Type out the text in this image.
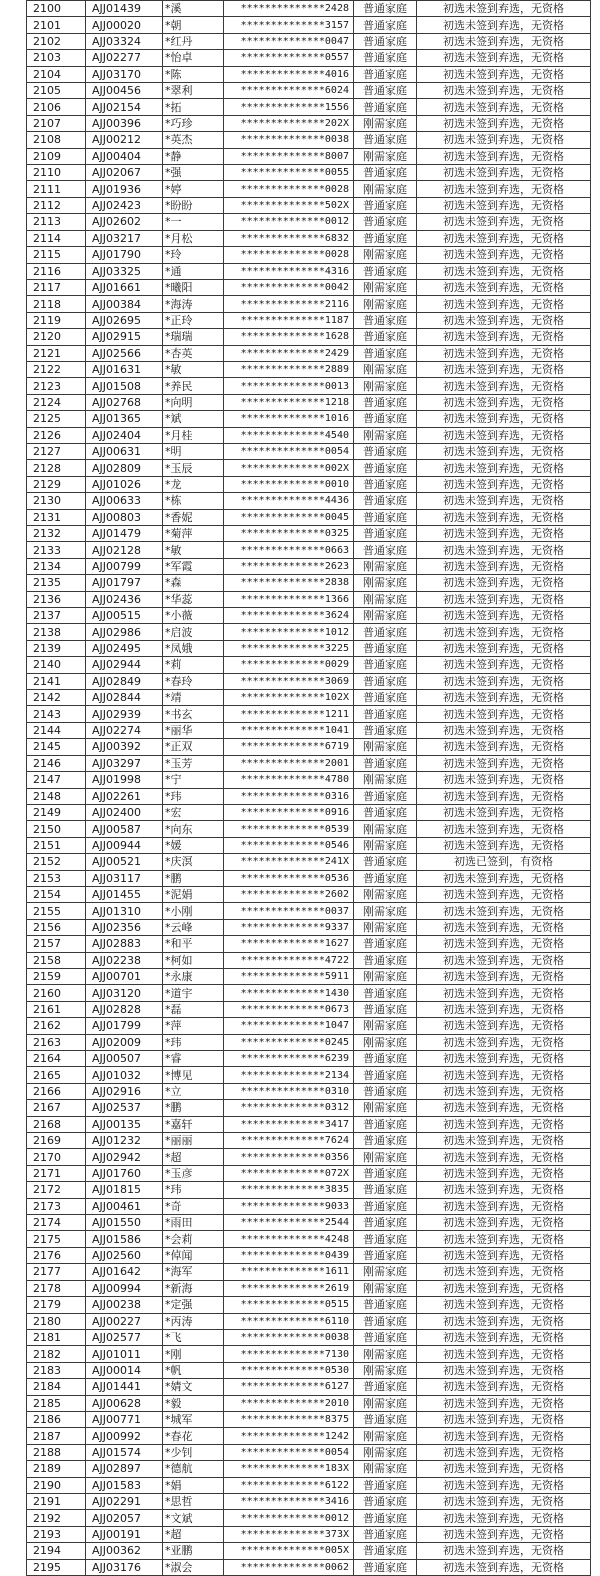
2100	AJJ01439	*溪	**************2428	普通家庭	初选未签到弃选，无资格
2101	AJJ00020	*朝	**************3157	普通家庭	初选未签到弃选，无资格
2102	AJJ03324	*红丹	**************0047	普通家庭	初选未签到弃选，无资格
2103	AJJ02277	*怡卓	**************0557	普通家庭	初选未签到弃选，无资格
2104	AJJ03170	*陈	**************4016	普通家庭	初选未签到弃选，无资格
2105	AJJ00456	*翠利	**************6024	普通家庭	初选未签到弃选，无资格
2106	AJJ02154	*拓	**************1556	普通家庭	初选未签到弃选，无资格
2107	AJJ00396	*巧珍	**************202X	刚需家庭	初选未签到弃选，无资格
2108	AJJ00212	*英杰	**************0038	普通家庭	初选未签到弃选，无资格
2109	AJJ00404	*静	**************8007	刚需家庭	初选未签到弃选，无资格
2110	AJJ02067	*强	**************0055	普通家庭	初选未签到弃选，无资格
2111	AJJ01936	*婷	**************0028	刚需家庭	初选未签到弃选，无资格
2112	AJJ02423	*盼盼	**************502X	普通家庭	初选未签到弃选，无资格
2113	AJJ02602	*一	**************0012	普通家庭	初选未签到弃选，无资格
2114	AJJ03217	*月松	**************6832	普通家庭	初选未签到弃选，无资格
2115	AJJ01790	*玲	**************0028	刚需家庭	初选未签到弃选，无资格
2116	AJJ03325	*通	**************4316	普通家庭	初选未签到弃选，无资格
2117	AJJ01661	*曦阳	**************0042	刚需家庭	初选未签到弃选，无资格
2118	AJJ00384	*海涛	**************2116	刚需家庭	初选未签到弃选，无资格
2119	AJJ02695	*正玲	**************1187	普通家庭	初选未签到弃选，无资格
2120	AJJ02915	*瑞瑞	**************1628	普通家庭	初选未签到弃选，无资格
2121	AJJ02566	*杏英	**************2429	普通家庭	初选未签到弃选，无资格
2122	AJJ01631	*敏	**************2889	刚需家庭	初选未签到弃选，无资格
2123	AJJ01508	*养民	**************0013	刚需家庭	初选未签到弃选，无资格
2124	AJJ02768	*向明	**************1218	普通家庭	初选未签到弃选，无资格
2125	AJJ01365	*斌	**************1016	普通家庭	初选未签到弃选，无资格
2126	AJJ02404	*月桂	**************4540	刚需家庭	初选未签到弃选，无资格
2127	AJJ00631	*明	**************0054	普通家庭	初选未签到弃选，无资格
2128	AJJ02809	*玉辰	**************002X	普通家庭	初选未签到弃选，无资格
2129	AJJ01026	*龙	**************0010	普通家庭	初选未签到弃选，无资格
2130	AJJ00633	*栋	**************4436	普通家庭	初选未签到弃选，无资格
2131	AJJ00803	*香妮	**************0045	普通家庭	初选未签到弃选，无资格
2132	AJJ01479	*菊萍	**************0325	普通家庭	初选未签到弃选，无资格
2133	AJJ02128	*敏	**************0663	普通家庭	初选未签到弃选，无资格
2134	AJJ00799	*军霞	**************2623	刚需家庭	初选未签到弃选，无资格
2135	AJJ01797	*森	**************2838	刚需家庭	初选未签到弃选，无资格
2136	AJJ02436	*华蕊	**************1366	刚需家庭	初选未签到弃选，无资格
2137	AJJ00515	*小薇	**************3624	刚需家庭	初选未签到弃选，无资格
2138	AJJ02986	*启波	**************1012	普通家庭	初选未签到弃选，无资格
2139	AJJ02495	*凤娥	**************3225	普通家庭	初选未签到弃选，无资格
2140	AJJ02944	*莉	**************0029	普通家庭	初选未签到弃选，无资格
2141	AJJ02849	*春玲	**************3069	普通家庭	初选未签到弃选，无资格
2142	AJJ02844	*靖	**************102X	普通家庭	初选未签到弃选，无资格
2143	AJJ02939	*书玄	**************1211	普通家庭	初选未签到弃选，无资格
2144	AJJ02274	*丽华	**************1041	普通家庭	初选未签到弃选，无资格
2145	AJJ00392	*正双	**************6719	刚需家庭	初选未签到弃选，无资格
2146	AJJ03297	*玉芳	**************2001	普通家庭	初选未签到弃选，无资格
2147	AJJ01998	*宁	**************4780	刚需家庭	初选未签到弃选，无资格
2148	AJJ02261	*玮	**************0316	普通家庭	初选未签到弃选，无资格
2149	AJJ02400	*宏	**************0916	普通家庭	初选未签到弃选，无资格
2150	AJJ00587	*向东	**************0539	刚需家庭	初选未签到弃选，无资格
2151	AJJ00944	*媛	**************0546	刚需家庭	初选未签到弃选，无资格
2152	AJJ00521	*庆溟	**************241X	普通家庭	初选已签到，有资格
2153	AJJ03117	*鹏	**************0536	普通家庭	初选未签到弃选，无资格
2154	AJJ01455	*泥娟	**************2602	刚需家庭	初选未签到弃选，无资格
2155	AJJ01310	*小刚	**************0037	刚需家庭	初选未签到弃选，无资格
2156	AJJ02356	*云峰	**************9337	刚需家庭	初选未签到弃选，无资格
2157	AJJ02883	*和平	**************1627	普通家庭	初选未签到弃选，无资格
2158	AJJ02238	*柯如	**************4722	普通家庭	初选未签到弃选，无资格
2159	AJJ00701	*永康	**************5911	刚需家庭	初选未签到弃选，无资格
2160	AJJ03120	*道宇	**************1430	普通家庭	初选未签到弃选，无资格
2161	AJJ02828	*磊	**************0673	普通家庭	初选未签到弃选，无资格
2162	AJJ01799	*萍	**************1047	刚需家庭	初选未签到弃选，无资格
2163	AJJ02009	*玮	**************0245	刚需家庭	初选未签到弃选，无资格
2164	AJJ00507	*睿	**************6239	普通家庭	初选未签到弃选，无资格
2165	AJJ01032	*博见	**************2134	普通家庭	初选未签到弃选，无资格
2166	AJJ02916	*立	**************0310	普通家庭	初选未签到弃选，无资格
2167	AJJ02537	*鹏	**************0312	刚需家庭	初选未签到弃选，无资格
2168	AJJ00135	*嘉轩	**************3417	普通家庭	初选未签到弃选，无资格
2169	AJJ01232	*丽丽	**************7624	普通家庭	初选未签到弃选，无资格
2170	AJJ02942	*超	**************0356	刚需家庭	初选未签到弃选，无资格
2171	AJJ01760	*玉彦	**************072X	普通家庭	初选未签到弃选，无资格
2172	AJJ01815	*玮	**************3835	普通家庭	初选未签到弃选，无资格
2173	AJJ00461	*奇	**************9033	普通家庭	初选未签到弃选，无资格
2174	AJJ01550	*雨田	**************2544	普通家庭	初选未签到弃选，无资格
2175	AJJ01586	*会莉	**************4248	普通家庭	初选未签到弃选，无资格
2176	AJJ02560	*倬闻	**************0439	普通家庭	初选未签到弃选，无资格
2177	AJJ01642	*海军	**************1611	刚需家庭	初选未签到弃选，无资格
2178	AJJ00994	*新海	**************2619	刚需家庭	初选未签到弃选，无资格
2179	AJJ00238	*定强	**************0515	普通家庭	初选未签到弃选，无资格
2180	AJJ00227	*丙涛	**************6110	普通家庭	初选未签到弃选，无资格
2181	AJJ02577	*飞	**************0038	普通家庭	初选未签到弃选，无资格
2182	AJJ01011	*刚	**************7130	刚需家庭	初选未签到弃选，无资格
2183	AJJ00014	*帆	**************0530	刚需家庭	初选未签到弃选，无资格
2184	AJJ01441	*婧文	**************6127	普通家庭	初选未签到弃选，无资格
2185	AJJ00628	*毅	**************2010	刚需家庭	初选未签到弃选，无资格
2186	AJJ00771	*城军	**************8375	普通家庭	初选未签到弃选，无资格
2187	AJJ00992	*春花	**************1242	刚需家庭	初选未签到弃选，无资格
2188	AJJ01574	*少钊	**************0054	刚需家庭	初选未签到弃选，无资格
2189	AJJ02897	*德航	**************183X	刚需家庭	初选未签到弃选，无资格
2190	AJJ01583	*娟	**************6122	普通家庭	初选未签到弃选，无资格
2191	AJJ02291	*思哲	**************3416	普通家庭	初选未签到弃选，无资格
2192	AJJ02057	*文斌	**************0012	普通家庭	初选未签到弃选，无资格
2193	AJJ00191	*超	**************373X	普通家庭	初选未签到弃选，无资格
2194	AJJ00362	*亚鹏	**************005X	普通家庭	初选未签到弃选，无资格
2195	AJJ03176	*淑会	**************0062	普通家庭	初选未签到弃选，无资格
